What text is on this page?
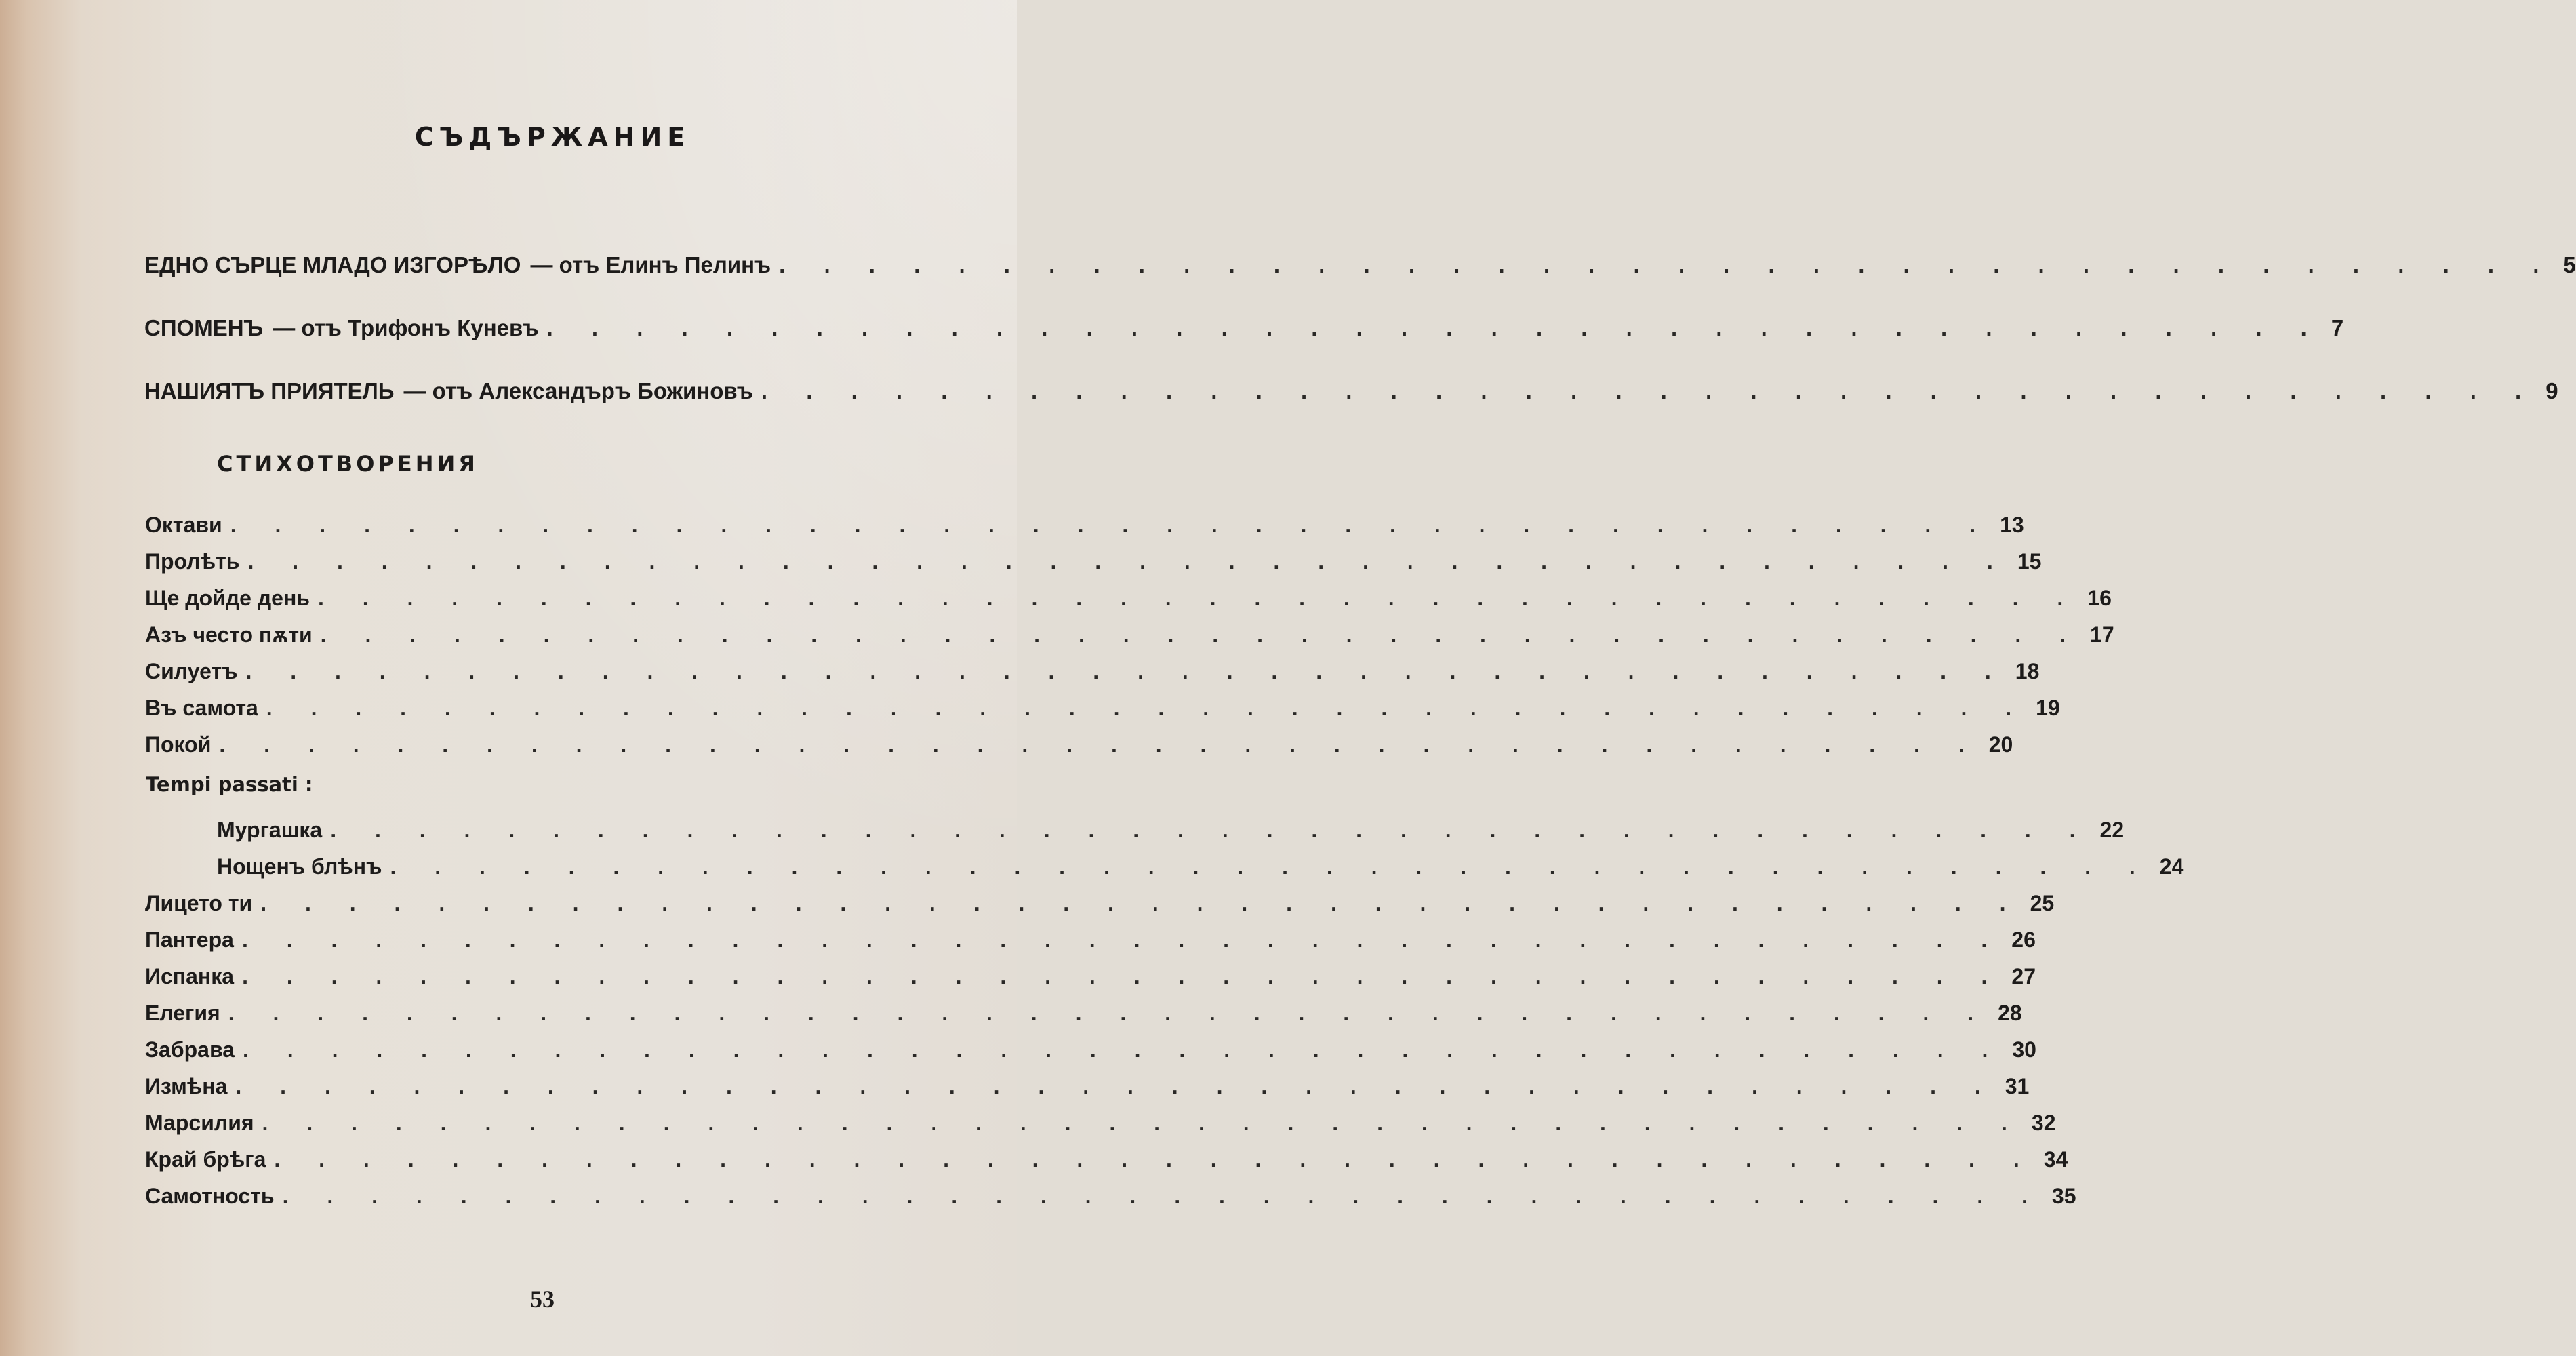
СЪДЪРЖАНИЕ
ЕДНО СЪРЦЕ МЛАДО ИЗГОРѢЛО — отъ Елинъ Пелинъ . . . . . . . . . . . . . . . . . . . . . . . . . . . . . . . . . . . . . . . . 5
СПОМЕНЪ — отъ Трифонъ Куневъ . . . . . . . . . . . . . . . . . . . . . . . . . . . . . . . . . . . . . . . . 7
НАШИЯТЪ ПРИЯТЕЛЬ — отъ Александъръ Божиновъ . . . . . . . . . . . . . . . . . . . . . . . . . . . . . . . . . . . . . . . . 9
СТИХОТВОРЕНИЯ
Октави . . . . . . . . . . . . . . . . . . . . . . . . . . . . . . . . . . . . . . . . 13
Пролѣть . . . . . . . . . . . . . . . . . . . . . . . . . . . . . . . . . . . . . . . . 15
Ще дойде день . . . . . . . . . . . . . . . . . . . . . . . . . . . . . . . . . . . . . . . . 16
Азъ често пѫти . . . . . . . . . . . . . . . . . . . . . . . . . . . . . . . . . . . . . . . . 17
Силуетъ . . . . . . . . . . . . . . . . . . . . . . . . . . . . . . . . . . . . . . . . 18
Въ самота . . . . . . . . . . . . . . . . . . . . . . . . . . . . . . . . . . . . . . . . 19
Покой . . . . . . . . . . . . . . . . . . . . . . . . . . . . . . . . . . . . . . . . 20
Tempi passati :
Мургашка . . . . . . . . . . . . . . . . . . . . . . . . . . . . . . . . . . . . . . . . 22
Нощенъ блѣнъ . . . . . . . . . . . . . . . . . . . . . . . . . . . . . . . . . . . . . . . . 24
Лицето ти . . . . . . . . . . . . . . . . . . . . . . . . . . . . . . . . . . . . . . . . 25
Пантера . . . . . . . . . . . . . . . . . . . . . . . . . . . . . . . . . . . . . . . . 26
Испанка . . . . . . . . . . . . . . . . . . . . . . . . . . . . . . . . . . . . . . . . 27
Елегия . . . . . . . . . . . . . . . . . . . . . . . . . . . . . . . . . . . . . . . . 28
Забрава . . . . . . . . . . . . . . . . . . . . . . . . . . . . . . . . . . . . . . . . 30
Измѣна . . . . . . . . . . . . . . . . . . . . . . . . . . . . . . . . . . . . . . . . 31
Марсилия . . . . . . . . . . . . . . . . . . . . . . . . . . . . . . . . . . . . . . . . 32
Край брѣга . . . . . . . . . . . . . . . . . . . . . . . . . . . . . . . . . . . . . . . . 34
Самотность . . . . . . . . . . . . . . . . . . . . . . . . . . . . . . . . . . . . . . . . 35
53
